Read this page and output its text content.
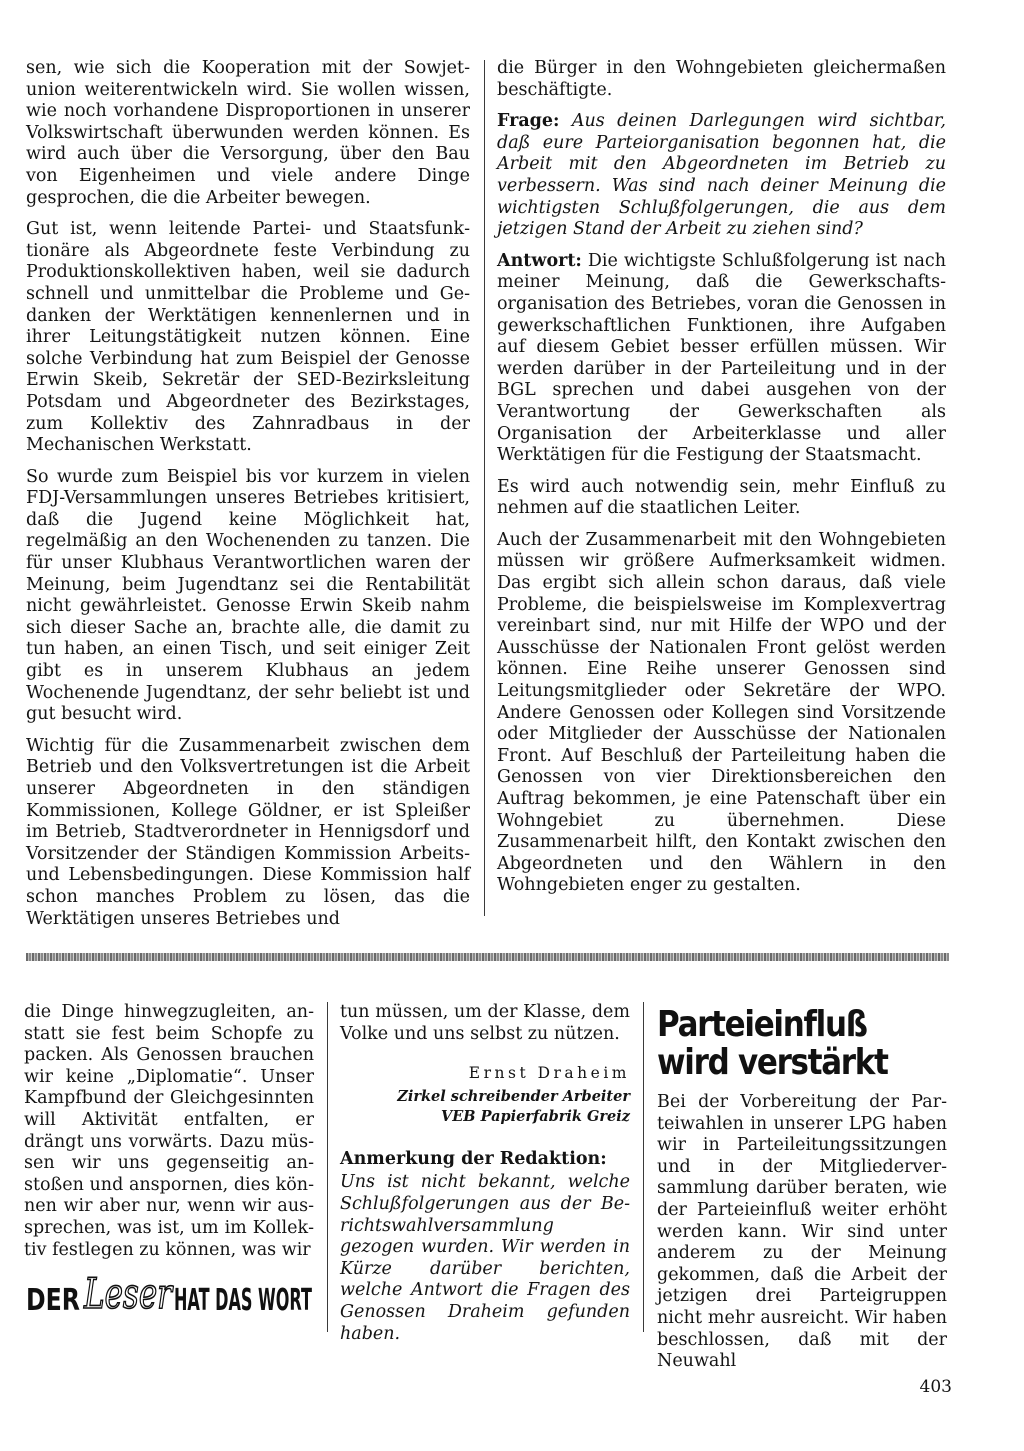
sen, wie sich die Kooperation mit der Sowjetunion weiterentwickeln wird. Sie wollen wissen, wie noch vorhandene Disproportionen in unserer Volkswirtschaft überwunden werden können. Es wird auch über die Versorgung, über den Bau von Eigenheimen und viele andere Dinge gesprochen, die die Arbeiter bewegen.

Gut ist, wenn leitende Partei- und Staatsfunktionäre als Abgeordnete feste Verbindung zu Produktionskollektiven haben, weil sie dadurch schnell und unmittelbar die Probleme und Gedanken der Werktätigen kennenlernen und in ihrer Leitungstätigkeit nutzen können. Eine solche Verbindung hat zum Beispiel der Genosse Erwin Skeib, Sekretär der SED-Bezirksleitung Potsdam und Abgeordneter des Bezirkstages, zum Kollektiv des Zahnradbaus in der Mechanischen Werkstatt.

So wurde zum Beispiel bis vor kurzem in vielen FDJ-Versammlungen unseres Betriebes kritisiert, daß die Jugend keine Möglichkeit hat, regelmäßig an den Wochenenden zu tanzen. Die für unser Klubhaus Verantwortlichen waren der Meinung, beim Jugendtanz sei die Rentabilität nicht gewährleistet. Genosse Erwin Skeib nahm sich dieser Sache an, brachte alle, die damit zu tun haben, an einen Tisch, und seit einiger Zeit gibt es in unserem Klubhaus an jedem Wochenende Jugendtanz, der sehr beliebt ist und gut besucht wird.

Wichtig für die Zusammenarbeit zwischen dem Betrieb und den Volksvertretungen ist die Arbeit unserer Abgeordneten in den ständigen Kommissionen, Kollege Göldner, er ist Spleißer im Betrieb, Stadtverordneter in Hennigsdorf und Vorsitzender der Ständigen Kommission Arbeits- und Lebensbedingungen. Diese Kommission half schon manches Problem zu lösen, das die Werktätigen unseres Betriebes und

die Bürger in den Wohngebieten gleichermaßen beschäftigte.

Frage: Aus deinen Darlegungen wird sichtbar, daß eure Parteiorganisation begonnen hat, die Arbeit mit den Abgeordneten im Betrieb zu verbessern. Was sind nach deiner Meinung die wichtigsten Schlußfolgerungen, die aus dem jetzigen Stand der Arbeit zu ziehen sind?

Antwort: Die wichtigste Schlußfolgerung ist nach meiner Meinung, daß die Gewerkschaftsorganisation des Betriebes, voran die Genossen in gewerkschaftlichen Funktionen, ihre Aufgaben auf diesem Gebiet besser erfüllen müssen. Wir werden darüber in der Parteileitung und in der BGL sprechen und dabei ausgehen von der Verantwortung der Gewerkschaften als Organisation der Arbeiterklasse und aller Werktätigen für die Festigung der Staatsmacht.

Es wird auch notwendig sein, mehr Einfluß zu nehmen auf die staatlichen Leiter.

Auch der Zusammenarbeit mit den Wohngebieten müssen wir größere Aufmerksamkeit widmen. Das ergibt sich allein schon daraus, daß viele Probleme, die beispielsweise im Komplexvertrag vereinbart sind, nur mit Hilfe der WPO und der Ausschüsse der Nationalen Front gelöst werden können. Eine Reihe unserer Genossen sind Leitungsmitglieder oder Sekretäre der WPO. Andere Genossen oder Kollegen sind Vorsitzende oder Mitglieder der Ausschüsse der Nationalen Front. Auf Beschluß der Parteileitung haben die Genossen von vier Direktionsbereichen den Auftrag bekommen, je eine Patenschaft über ein Wohngebiet zu übernehmen. Diese Zusammenarbeit hilft, den Kontakt zwischen den Abgeordneten und den Wählern in den Wohngebieten enger zu gestalten.

die Dinge hinwegzugleiten, anstatt sie fest beim Schopfe zu packen. Als Genossen brauchen wir keine „Diplomatie“. Unser Kampfbund der Gleichgesinnten will Aktivität entfalten, er drängt uns vorwärts. Dazu müssen wir uns gegenseitig anstoßen und anspornen, dies können wir aber nur, wenn wir aussprechen, was ist, um im Kollektiv festlegen zu können, was wir

DER Leser HAT DAS WORT

tun müssen, um der Klasse, dem Volke und uns selbst zu nützen.

Ernst Draheim

Zirkel schreibender Arbeiter

VEB Papierfabrik Greiz

Anmerkung der Redaktion:

Uns ist nicht bekannt, welche Schlußfolgerungen aus der Berichtswahlversammlung gezogen wurden. Wir werden in Kürze darüber berichten, welche Antwort die Fragen des Genossen Draheim gefunden haben.

Parteieinfluß
wird verstärkt

Bei der Vorbereitung der Parteiwahlen in unserer LPG haben wir in Parteileitungssitzungen und in der Mitgliederversammlung darüber beraten, wie der Parteieinfluß weiter erhöht werden kann. Wir sind unter anderem zu der Meinung gekommen, daß die Arbeit der jetzigen drei Parteigruppen nicht mehr ausreicht. Wir haben beschlossen, daß mit der Neuwahl

403
